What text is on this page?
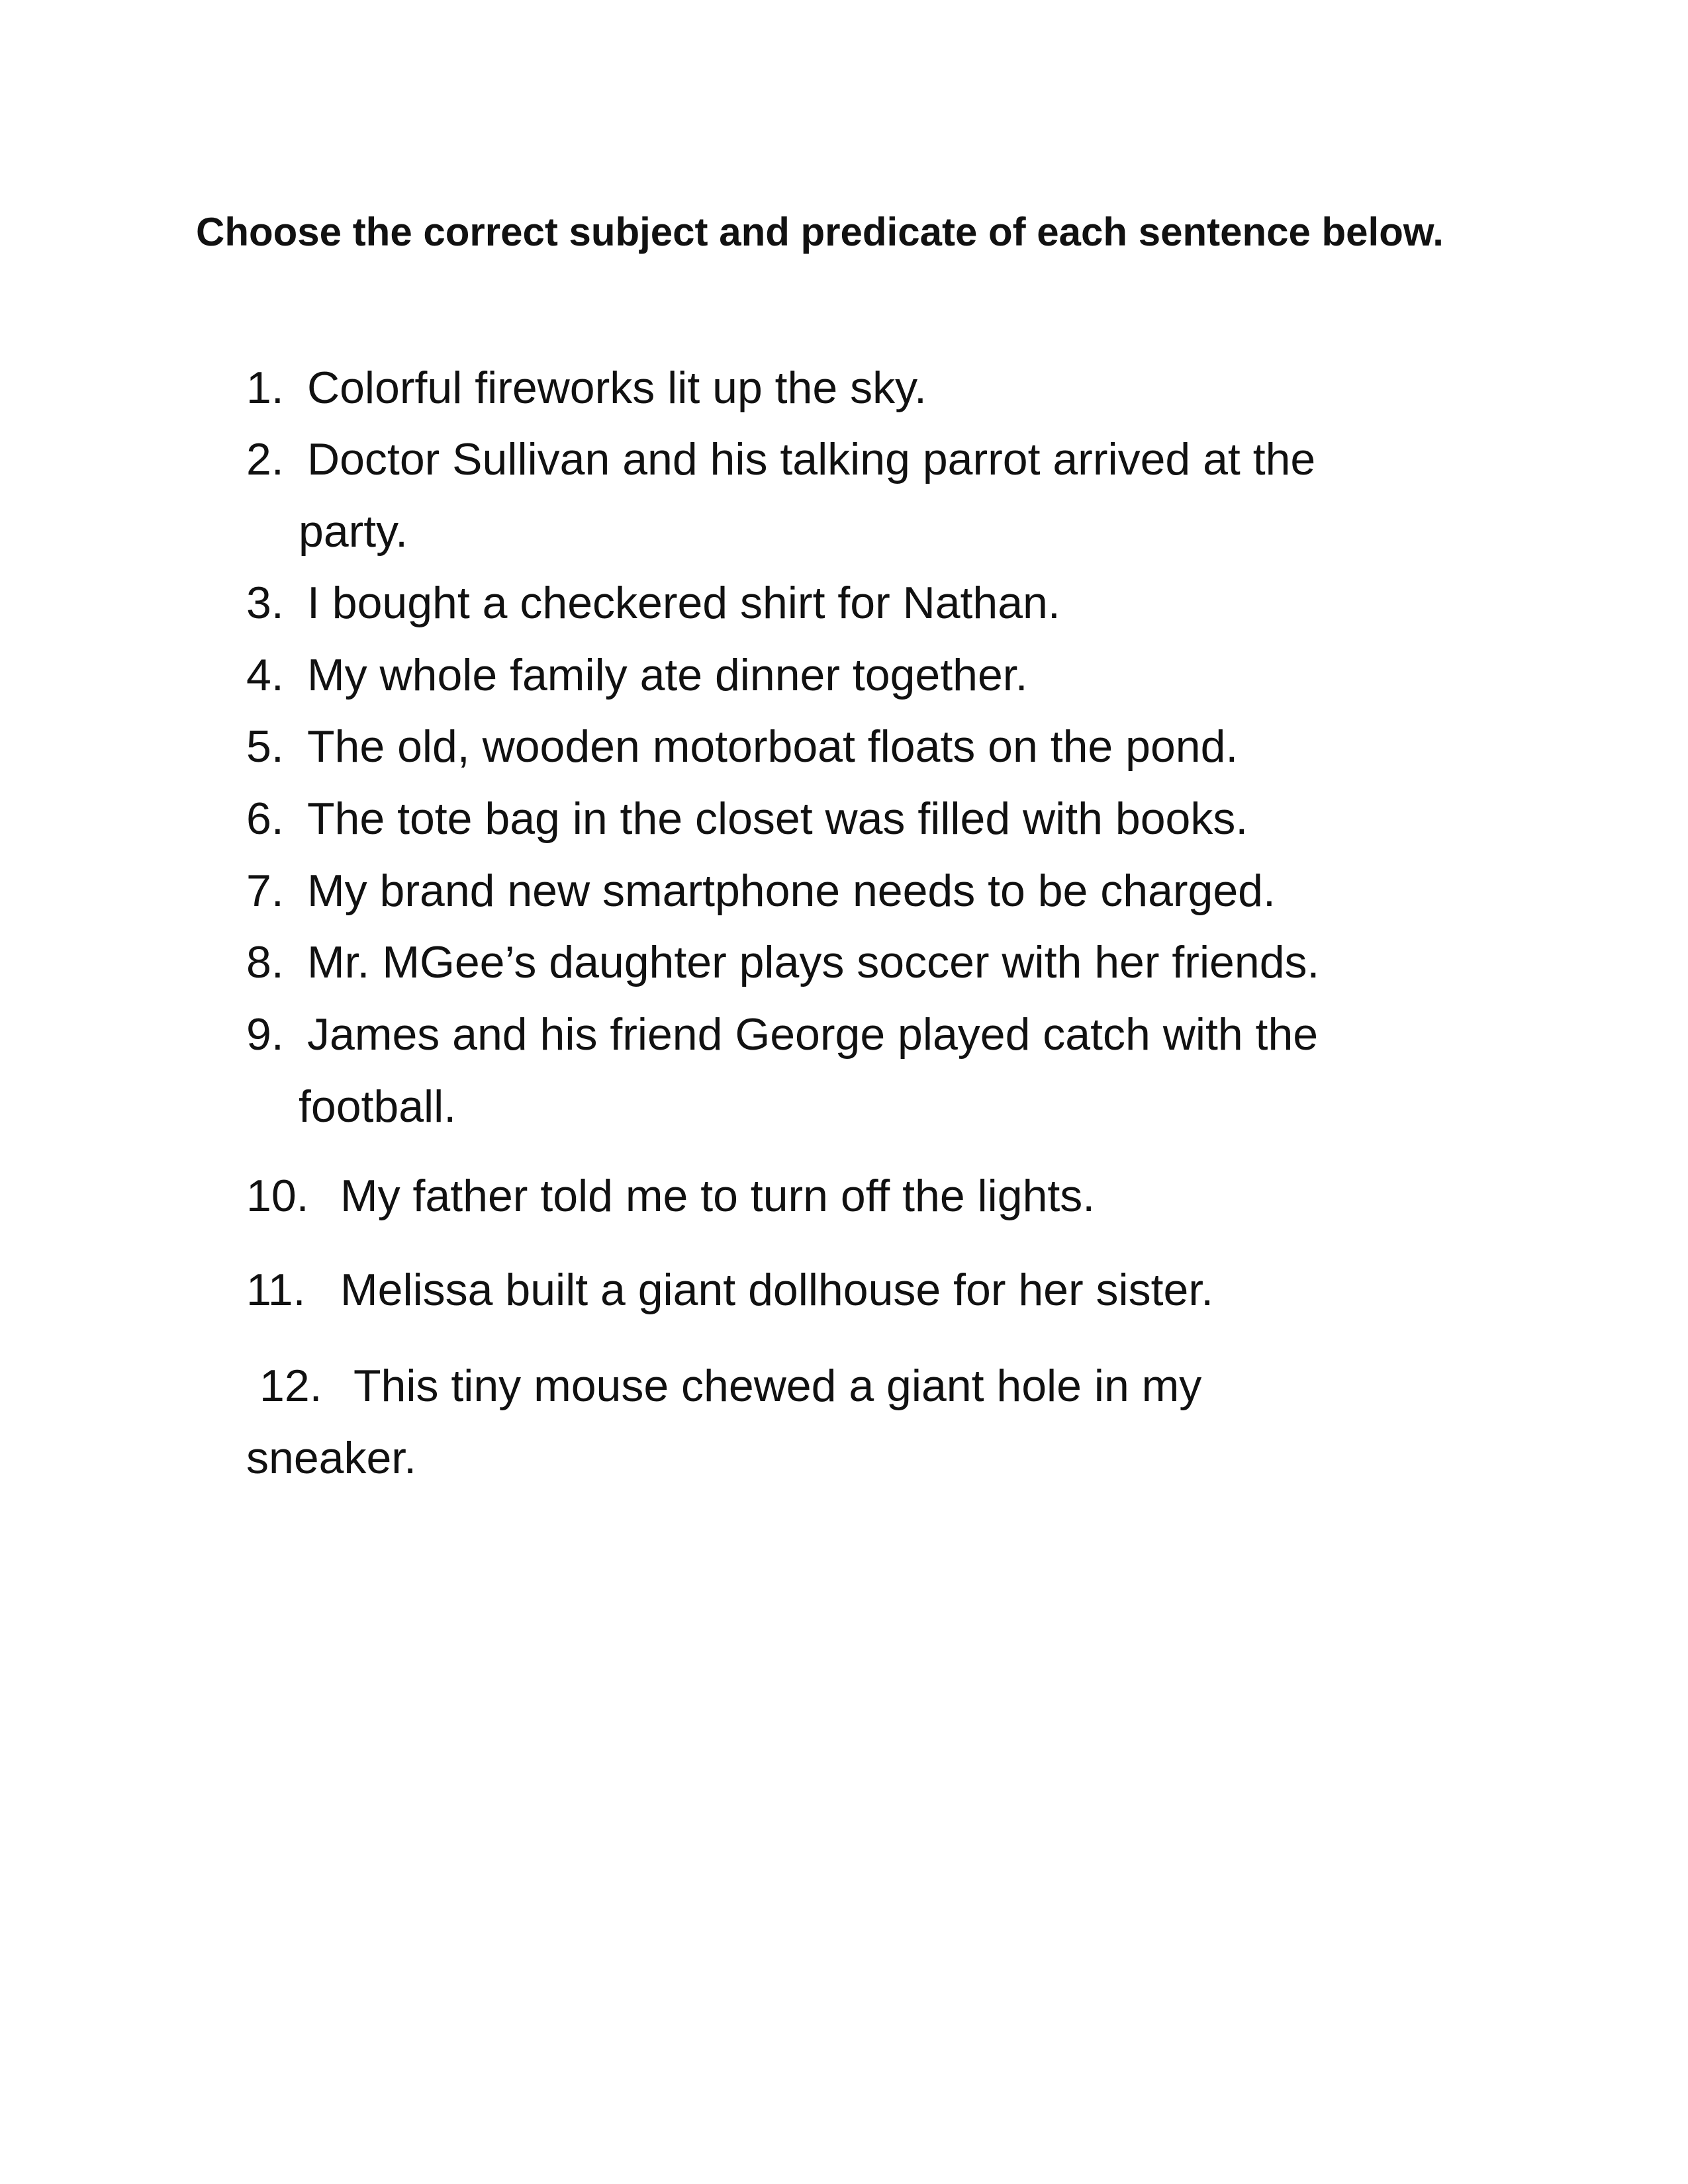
Choose the correct subject and predicate of each sentence below.

1. Colorful fireworks lit up the sky.
2. Doctor Sullivan and his talking parrot arrived at the
party.
3. I bought a checkered shirt for Nathan.
4. My whole family ate dinner together.
5. The old, wooden motorboat floats on the pond.
6. The tote bag in the closet was filled with books.
7. My brand new smartphone needs to be charged.
8. Mr. MGee’s daughter plays soccer with her friends.
9. James and his friend George played catch with the
football.
10. My father told me to turn off the lights.
11. Melissa built a giant dollhouse for her sister.
12. This tiny mouse chewed a giant hole in my
sneaker.
